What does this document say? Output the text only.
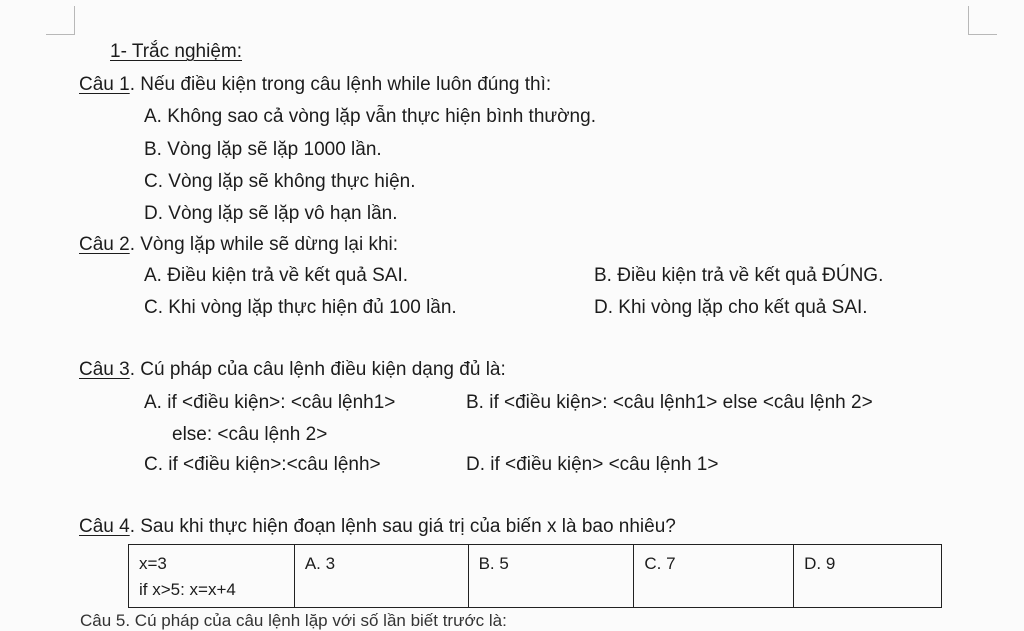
1- Trắc nghiệm:
Câu 1. Nếu điều kiện trong câu lệnh while luôn đúng thì:
A. Không sao cả vòng lặp vẫn thực hiện bình thường.
B. Vòng lặp sẽ lặp 1000 lần.
C. Vòng lặp sẽ không thực hiện.
D. Vòng lặp sẽ lặp vô hạn lần.
Câu 2. Vòng lặp while sẽ dừng lại khi:
A. Điều kiện trả về kết quả SAI.	B. Điều kiện trả về kết quả ĐÚNG.
C. Khi vòng lặp thực hiện đủ 100 lần.	D. Khi vòng lặp cho kết quả SAI.
Câu 3. Cú pháp của câu lệnh điều kiện dạng đủ là:
A. if <điều kiện>: <câu lệnh1>	B. if <điều kiện>: <câu lệnh1> else <câu lệnh 2>
else: <câu lệnh 2>
C. if <điều kiện>:<câu lệnh>	D. if <điều kiện> <câu lệnh 1>
Câu 4. Sau khi thực hiện đoạn lệnh sau giá trị của biến x là bao nhiêu?
x=3
if x>5: x=x+4
	A. 3	B. 5	C. 7	D. 9
Câu 5. Cú pháp của câu lệnh lặp với số lần biết trước là:
